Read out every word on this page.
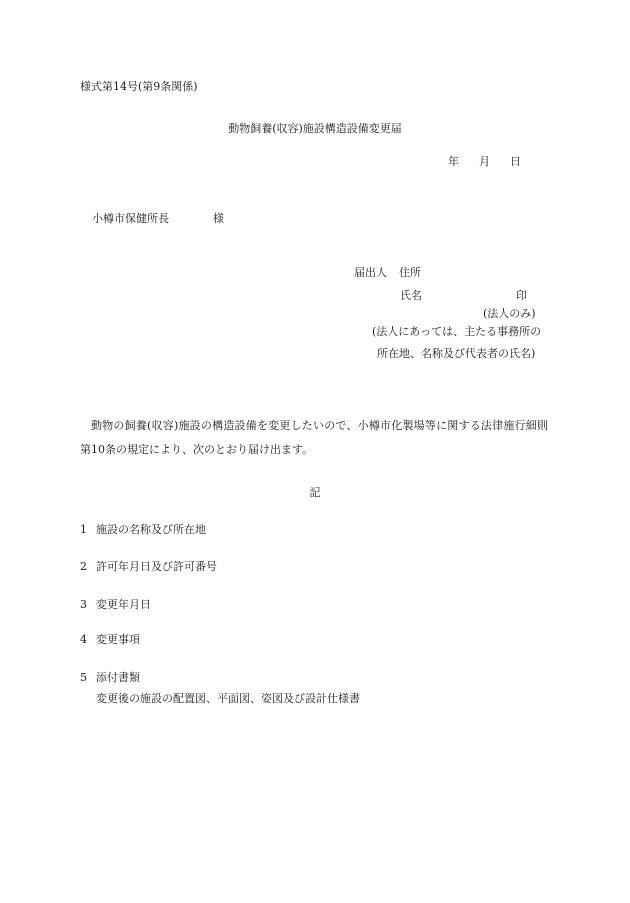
様式第14号(第9条関係)
動物飼養(収容)施設構造設備変更届
年 月 日
小樽市保健所長	様
届出人 住所
氏名	印
(法人のみ)
(法人にあっては、主たる事務所の
所在地、名称及び代表者の氏名)
動物の飼養(収容)施設の構造設備を変更したいので、小樽市化製場等に関する法律施行細則第10条の規定により、次のとおり届け出ます。
記
1 施設の名称及び所在地
2 許可年月日及び許可番号
3 変更年月日
4 変更事項
5 添付書類
変更後の施設の配置図、平面図、姿図及び設計仕様書
